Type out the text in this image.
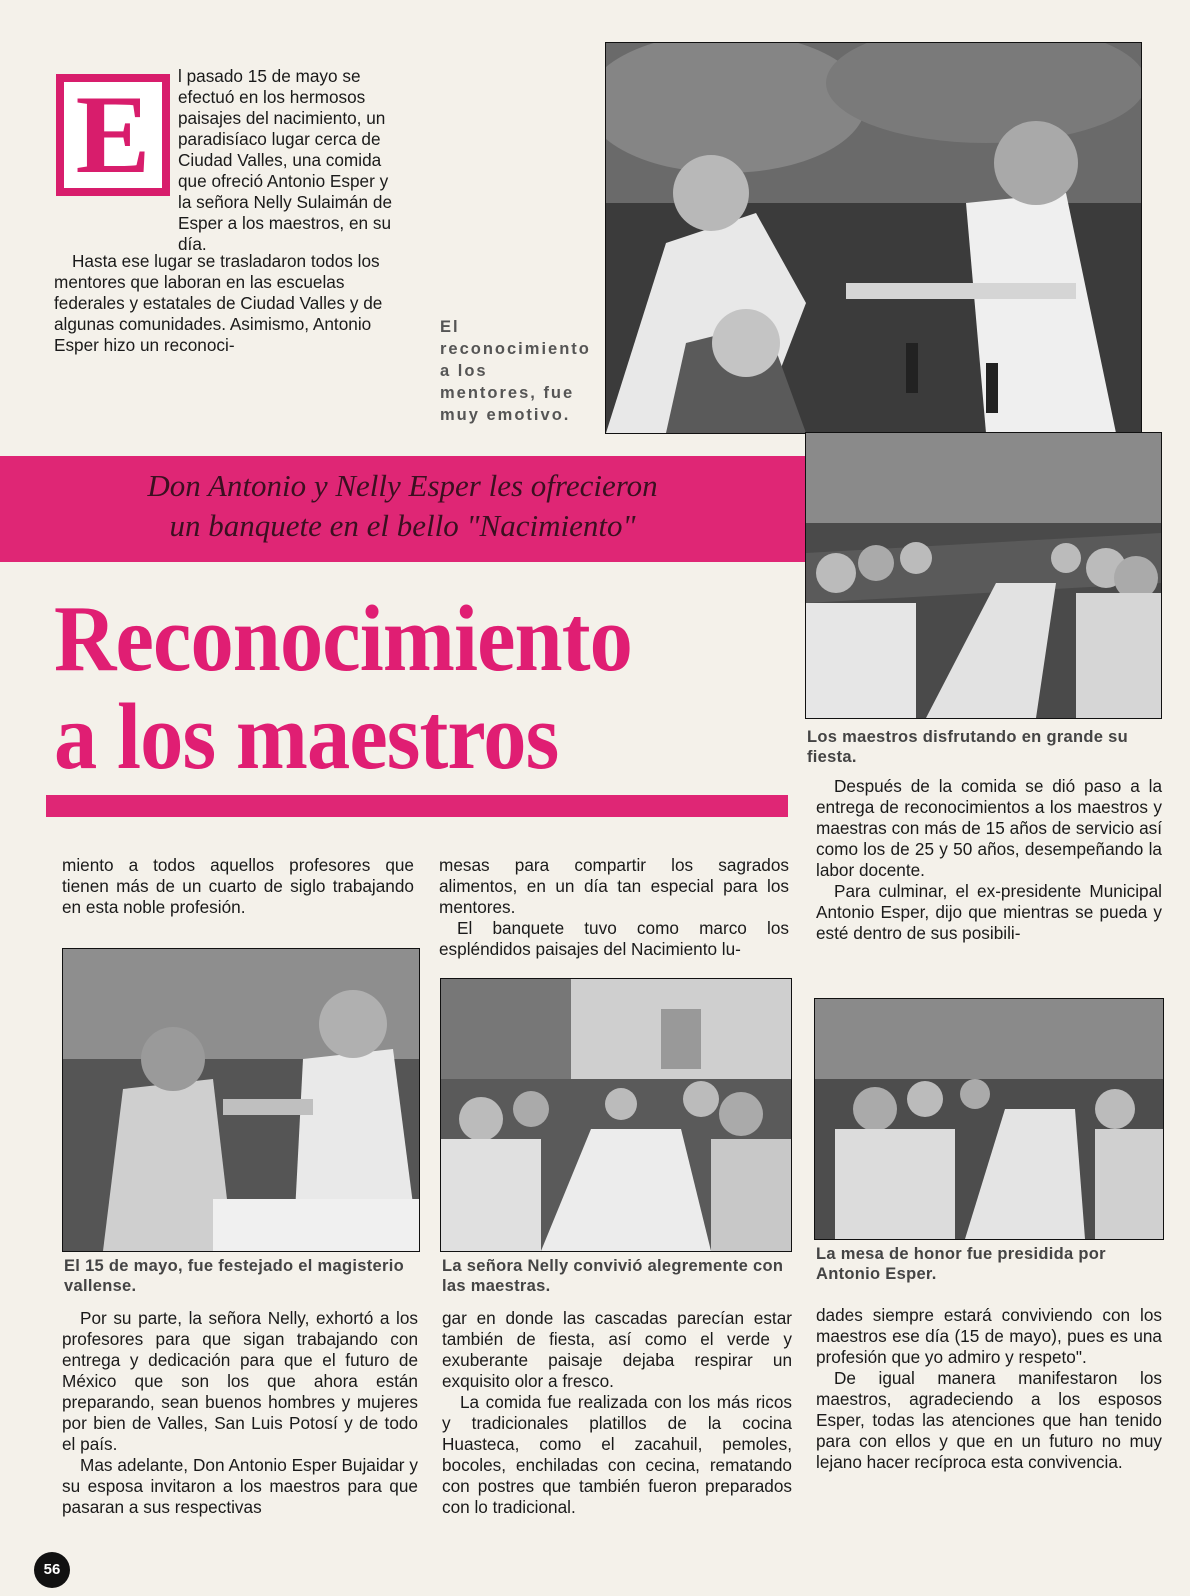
E	l pasado 15 de mayo se efectuó en los hermosos paisajes del nacimiento, un paradisíaco lugar cerca de Ciudad Valles, una comida que ofreció Antonio Esper y la señora Nelly Sulaimán de Esper a los maestros, en su día.

Hasta ese lugar se trasladaron todos los mentores que laboran en las escuelas federales y estatales de Ciudad Valles y de algunas comunidades. Asimismo, Antonio Esper hizo un reconoci-

El reconocimiento a los mentores, fue muy emotivo.
Don Antonio y Nelly Esper les ofrecieron
un banquete en el bello "Nacimiento"
Los maestros disfrutando en grande su fiesta.
Reconocimiento
a los maestros	Después de la comida se dió paso a la entrega de reconocimientos a los maestros y maestras con más de 15 años de servicio así como los de 25 y 50 años, desempeñando la labor docente.

Para culminar, el ex-presidente Municipal Antonio Esper, dijo que mientras se pueda y esté dentro de sus posibili-

miento a todos aquellos profesores que tienen más de un cuarto de siglo trabajando en esta noble profesión.

mesas para compartir los sagrados alimentos, en un día tan especial para los mentores.

El banquete tuvo como marco los espléndidos paisajes del Nacimiento lu-

El 15 de mayo, fue festejado el magisterio vallense.
La señora Nelly convivió alegremente con las maestras.
La mesa de honor fue presidida por Antonio Esper.

Por su parte, la señora Nelly, exhortó a los profesores para que sigan trabajando con entrega y dedicación para que el futuro de México que son los que ahora están preparando, sean buenos hombres y mujeres por bien de Valles, San Luis Potosí y de todo el país.

Mas adelante, Don Antonio Esper Bujaidar y su esposa invitaron a los maestros para que pasaran a sus respectivas

gar en donde las cascadas parecían estar también de fiesta, así como el verde y exuberante paisaje dejaba respirar un exquisito olor a fresco.

La comida fue realizada con los más ricos y tradicionales platillos de la cocina Huasteca, como el zacahuil, pemoles, bocoles, enchiladas con cecina, rematando con postres que también fueron preparados con lo tradicional.

dades siempre estará conviviendo con los maestros ese día (15 de mayo), pues es una profesión que yo admiro y respeto".

De igual manera manifestaron los maestros, agradeciendo a los esposos Esper, todas las atenciones que han tenido para con ellos y que en un futuro no muy lejano hacer recíproca esta convivencia.

56
